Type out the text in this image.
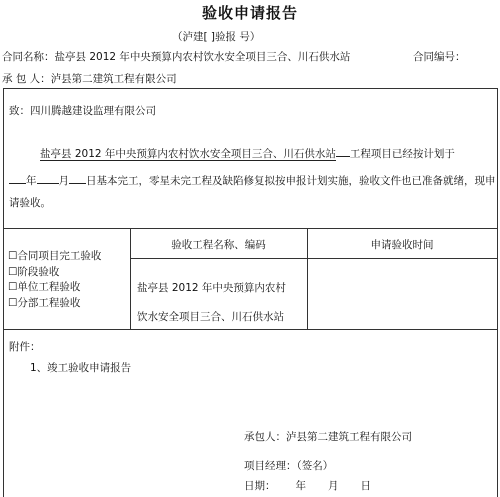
验收申请报告
（泸建[ ]验报 号）
合同名称：盐亭县 2012 年中央预算内农村饮水安全项目三合、川石供水站	合同编号：
承 包 人：泸县第二建筑工程有限公司
致：四川腾越建设监理有限公司
盐亭县 2012 年中央预算内农村饮水安全项目三合、川石供水站 工程项目已经按计划于
年 月 日基本完工，零星未完工程及缺陷修复拟按申报计划实施，验收文件也已准备就绪，现申
请验收。
☐合同项目完工验收
☐阶段验收
☐单位工程验收
☐分部工程验收
验收工程名称、编码	申请验收时间
盐亭县 2012 年中央预算内农村
饮水安全项目三合、川石供水站
附件：
1、竣工验收申请报告
承包人：泸县第二建筑工程有限公司
项目经理：（签名）
日期： 年 月 日
